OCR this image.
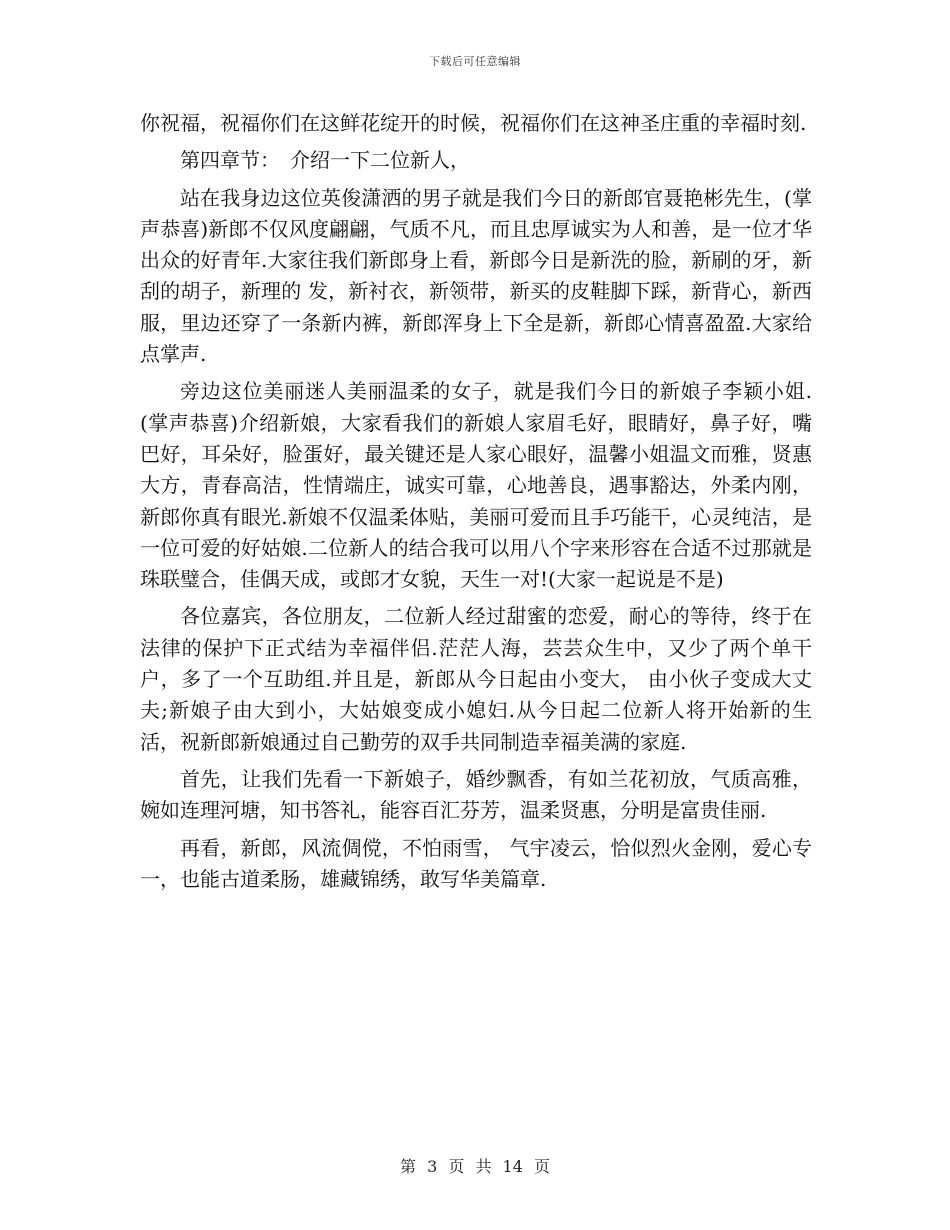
下载后可任意编辑

你祝福，祝福你们在这鲜花绽开的时候，祝福你们在这神圣庄重的幸福时刻.

第四章节：　介绍一下二位新人，

站在我身边这位英俊潇洒的男子就是我们今日的新郎官聂艳彬先生，(掌声恭喜)新郎不仅风度翩翩，气质不凡，而且忠厚诚实为人和善，是一位才华出众的好青年.大家往我们新郎身上看，新郎今日是新洗的脸，新刷的牙，新刮的胡子，新理的 发，新衬衣，新领带，新买的皮鞋脚下踩，新背心，新西服，里边还穿了一条新内裤，新郎浑身上下全是新，新郎心情喜盈盈.大家给点掌声.

旁边这位美丽迷人美丽温柔的女子，就是我们今日的新娘子李颖小姐.(掌声恭喜)介绍新娘，大家看我们的新娘人家眉毛好，眼睛好，鼻子好，嘴巴好，耳朵好，脸蛋好，最关键还是人家心眼好，温馨小姐温文而雅，贤惠大方，青春高洁，性情端庄，诚实可靠，心地善良，遇事豁达，外柔内刚，新郎你真有眼光.新娘不仅温柔体贴，美丽可爱而且手巧能干，心灵纯洁，是一位可爱的好姑娘.二位新人的结合我可以用八个字来形容在合适不过那就是珠联璧合，佳偶天成，或郎才女貌，天生一对!(大家一起说是不是)

各位嘉宾，各位朋友，二位新人经过甜蜜的恋爱，耐心的等待，终于在法律的保护下正式结为幸福伴侣.茫茫人海，芸芸众生中，又少了两个单干户，多了一个互助组.并且是，新郎从今日起由小变大， 由小伙子变成大丈夫;新娘子由大到小，大姑娘变成小媳妇.从今日起二位新人将开始新的生活，祝新郎新娘通过自己勤劳的双手共同制造幸福美满的家庭.

首先，让我们先看一下新娘子，婚纱飘香，有如兰花初放，气质高雅，婉如连理河塘，知书答礼，能容百汇芬芳，温柔贤惠，分明是富贵佳丽.

再看，新郎，风流倜傥，不怕雨雪， 气宇凌云，恰似烈火金刚，爱心专一，也能古道柔肠，雄藏锦绣，敢写华美篇章.

第 3 页 共 14 页
